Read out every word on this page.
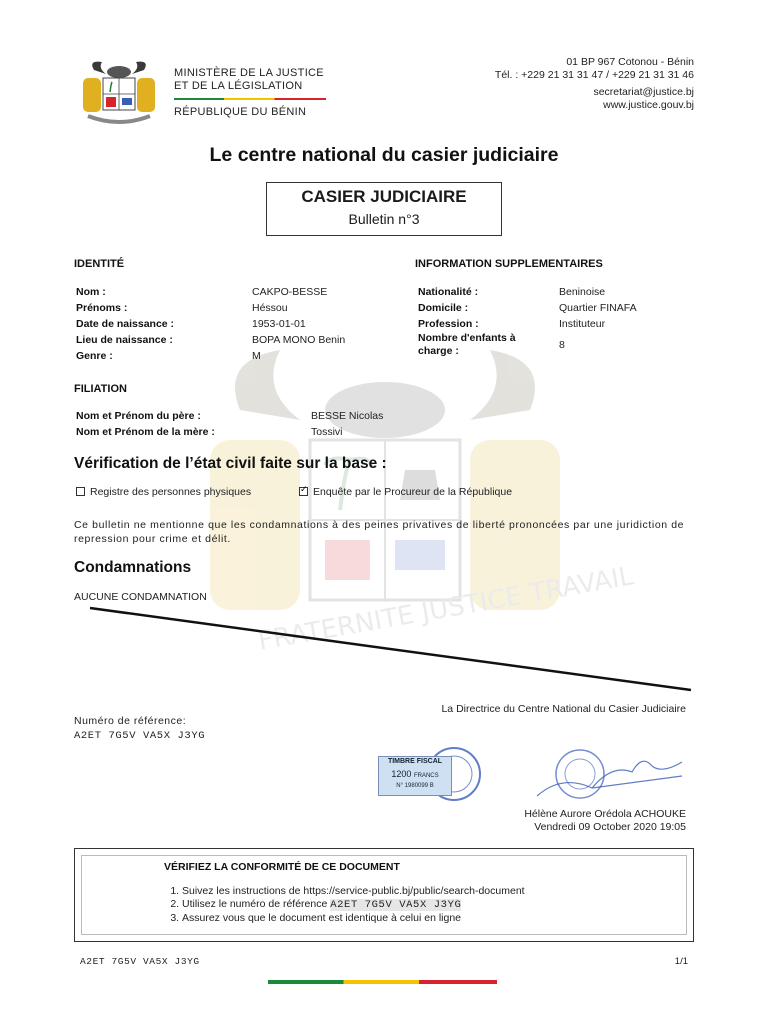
FRATERNITE JUSTICE TRAVAIL
MINISTÈRE DE LA JUSTICE
ET DE LA LÉGISLATION
RÉPUBLIQUE DU BÉNIN
01 BP 967 Cotonou - Bénin
Tél. : +229 21 31 31 47 / +229 21 31 31 46
secretariat@justice.bj
www.justice.gouv.bj
Le centre national du casier judiciaire
CASIER JUDICIAIRE
Bulletin n°3
IDENTITÉ
Nom :	CAKPO-BESSE
Prénoms :	Héssou
Date de naissance :	1953-01-01
Lieu de naissance :	BOPA MONO Benin
Genre :	M
INFORMATION SUPPLEMENTAIRES
Nationalité :	Beninoise
Domicile :	Quartier FINAFA
Profession :	Instituteur
Nombre d'enfants à charge :	8
FILIATION
Nom et Prénom du père :	BESSE Nicolas
Nom et Prénom de la mère :	Tossivi
Vérification de l’état civil faite sur la base :
Registre des personnes physiques
✓	Enquête par le Procureur de la République
Ce bulletin ne mentionne que les condamnations à des peines privatives de liberté prononcées par une juridiction de repression pour crime et délit.
Condamnations
AUCUNE CONDAMNATION
La Directrice du Centre National du Casier Judiciaire
Numéro de référence:
A2ET 7G5V VA5X J3YG
TIMBRE FISCAL
1200 FRANCS
N° 1980099 B
Hélène Aurore Orédola ACHOUKE
Vendredi 09 October 2020 19:05
VÉRIFIEZ LA CONFORMITÉ DE CE DOCUMENT
1. Suivez les instructions de https://service-public.bj/public/search-document
2. Utilisez le numéro de référence A2ET 7G5V VA5X J3YG
3. Assurez vous que le document est identique à celui en ligne
A2ET 7G5V VA5X J3YG	1/1
